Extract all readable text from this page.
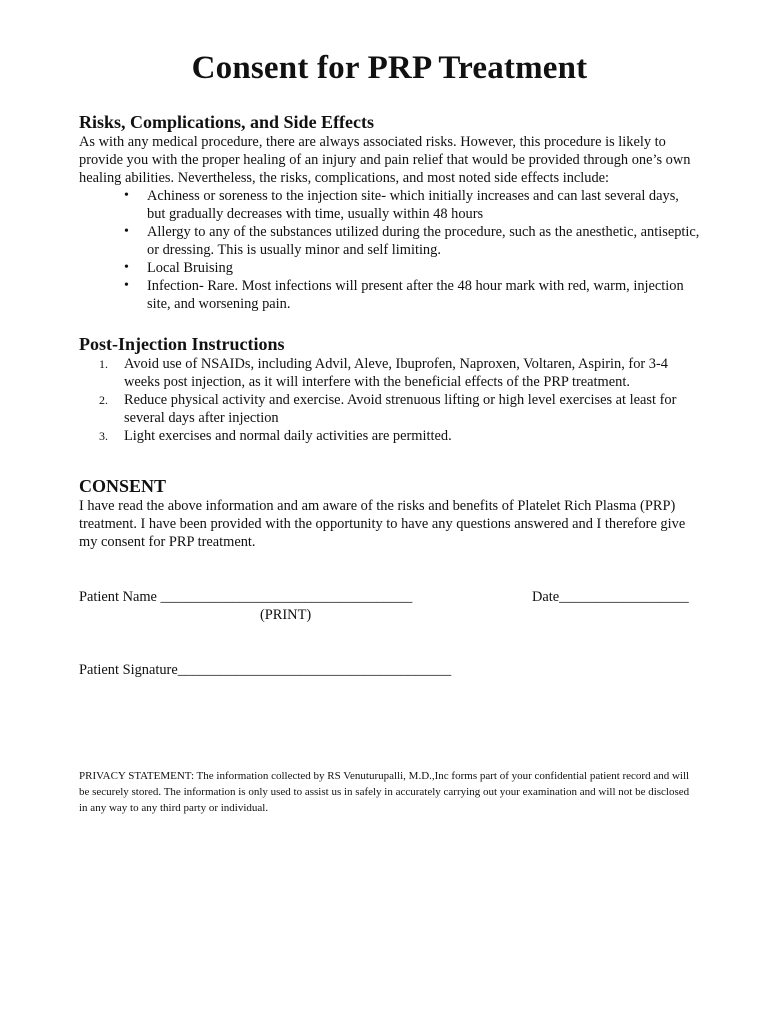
Consent for PRP Treatment
Risks, Complications, and Side Effects
As with any medical procedure, there are always associated risks. However, this procedure is likely to provide you with the proper healing of an injury and pain relief that would be provided through one’s own healing abilities. Nevertheless, the risks, complications, and most noted side effects include:
• Achiness or soreness to the injection site- which initially increases and can last several days, but gradually decreases with time, usually within 48 hours
• Allergy to any of the substances utilized during the procedure, such as the anesthetic, antiseptic, or dressing. This is usually minor and self limiting.
• Local Bruising
• Infection- Rare. Most infections will present after the 48 hour mark with red, warm, injection site, and worsening pain.
Post-Injection Instructions
1. Avoid use of NSAIDs, including Advil, Aleve, Ibuprofen, Naproxen, Voltaren, Aspirin, for 3-4 weeks post injection, as it will interfere with the beneficial effects of the PRP treatment.
2. Reduce physical activity and exercise. Avoid strenuous lifting or high level exercises at least for several days after injection
3. Light exercises and normal daily activities are permitted.
CONSENT
I have read the above information and am aware of the risks and benefits of Platelet Rich Plasma (PRP) treatment. I have been provided with the opportunity to have any questions answered and I therefore give my consent for PRP treatment.
Patient Name ___________________________________	Date__________________
(PRINT)
Patient Signature______________________________________
PRIVACY STATEMENT: The information collected by RS Venuturupalli, M.D.,Inc forms part of your confidential patient record and will be securely stored. The information is only used to assist us in safely in accurately carrying out your examination and will not be disclosed in any way to any third party or individual.
